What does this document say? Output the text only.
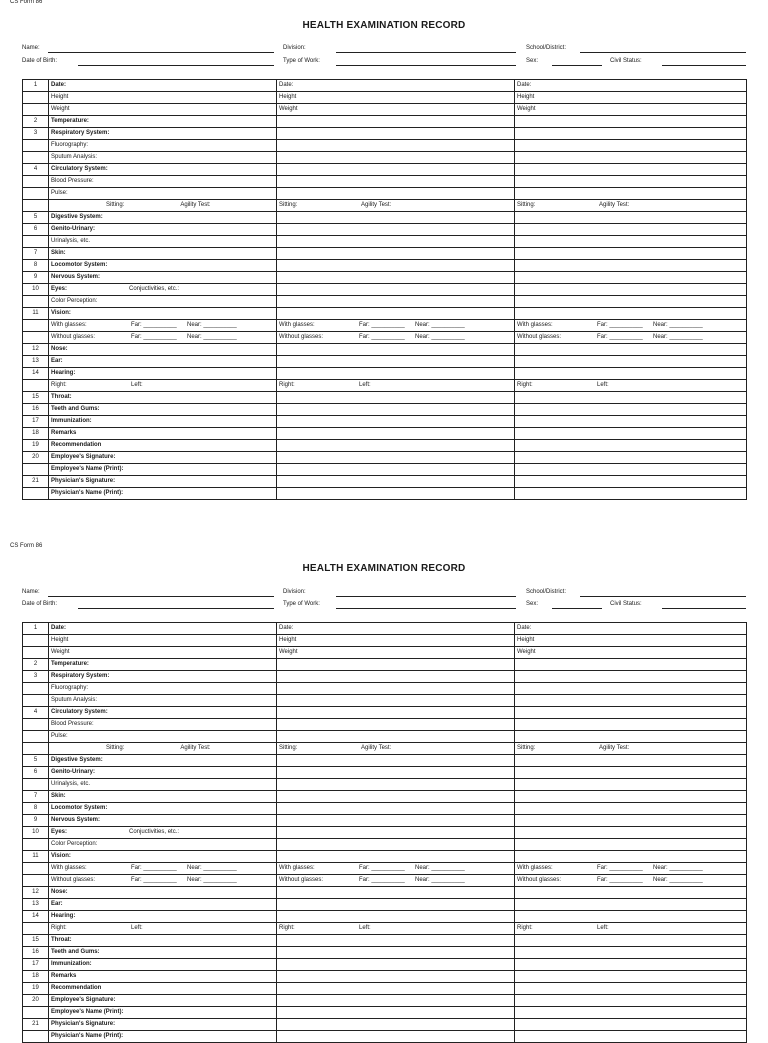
CS Form 86
HEALTH EXAMINATION RECORD
Name:
Date of Birth:
Division:
Type of Work:
School/District:
Sex:	Civil Status:
1	Date:	Date:	Date:
	Height	Height	Height
	Weight	Weight	Weight
2	Temperature:		
3	Respiratory System:		
	Fluorography:		
	Sputum Analysis:		
4	Circulatory System:		
	Blood Pressure:		
	Pulse:		
	Sitting: Agility Test:	Sitting: Agility Test:	Sitting: Agility Test:

5	Digestive System:		
6	Genito-Urinary:		
	Urinalysis, etc.		
7	Skin:		
8	Locomotor System:		
9	Nervous System:		
10	Eyes: Conjuctivities, etc.:		
	Color Perception:		
11	Vision:		
	With glasses: Far: __________ Near: __________	With glasses: Far: __________ Near: __________	With glasses: Far: __________ Near: __________

	Without glasses: Far: __________ Near: __________	Without glasses: Far: __________ Near: __________	Without glasses: Far: __________ Near: __________

12	Nose:		
13	Ear:		
14	Hearing:		
	Right: Left:	Right: Left:	Right: Left:

15	Throat:		
16	Teeth and Gums:		
17	Immunization:		
18	Remarks		
19	Recommendation		
20	Employee's Signature:		
	Employee's Name (Print):		
21	Physician's Signature:		
	Physician's Name (Print):		
CS Form 86
HEALTH EXAMINATION RECORD
Name:
Date of Birth:
Division:
Type of Work:
School/District:
Sex:	Civil Status:
1	Date:	Date:	Date:
	Height	Height	Height
	Weight	Weight	Weight
2	Temperature:		
3	Respiratory System:		
	Fluorography:		
	Sputum Analysis:		
4	Circulatory System:		
	Blood Pressure:		
	Pulse:		
	Sitting: Agility Test:	Sitting: Agility Test:	Sitting: Agility Test:

5	Digestive System:		
6	Genito-Urinary:		
	Urinalysis, etc.		
7	Skin:		
8	Locomotor System:		
9	Nervous System:		
10	Eyes: Conjuctivities, etc.:		
	Color Perception:		
11	Vision:		
	With glasses: Far: __________ Near: __________	With glasses: Far: __________ Near: __________	With glasses: Far: __________ Near: __________

	Without glasses: Far: __________ Near: __________	Without glasses: Far: __________ Near: __________	Without glasses: Far: __________ Near: __________

12	Nose:		
13	Ear:		
14	Hearing:		
	Right: Left:	Right: Left:	Right: Left:

15	Throat:		
16	Teeth and Gums:		
17	Immunization:		
18	Remarks		
19	Recommendation		
20	Employee's Signature:		
	Employee's Name (Print):		
21	Physician's Signature:		
	Physician's Name (Print):		
